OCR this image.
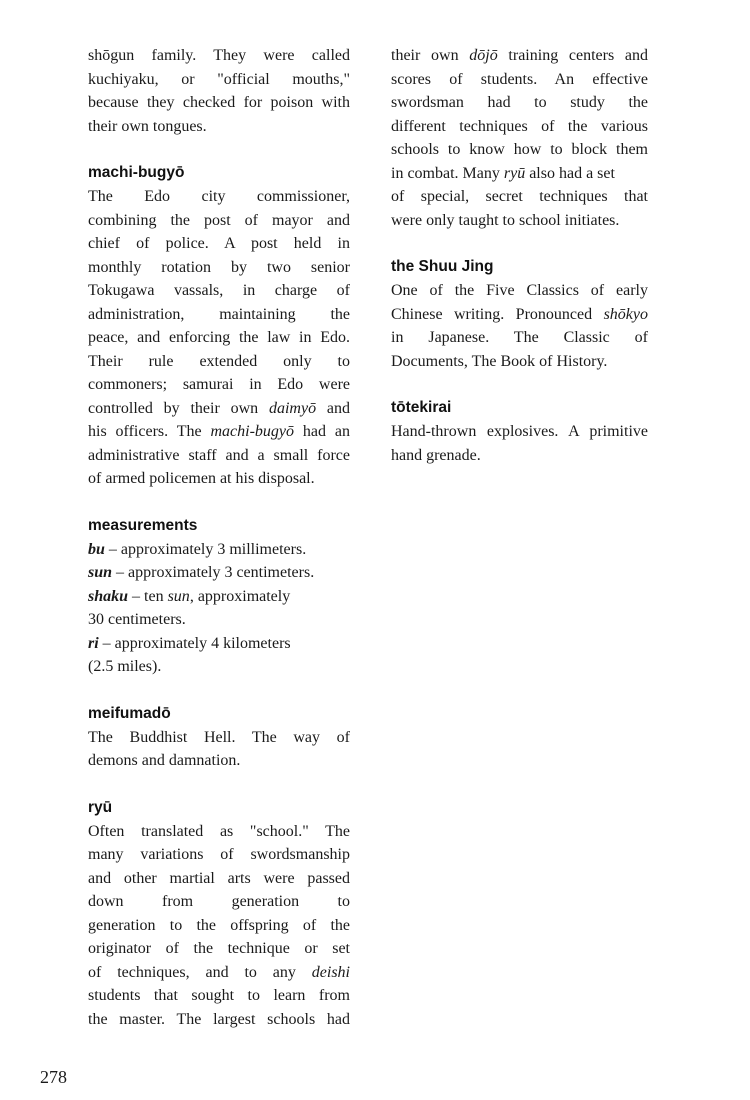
shōgun family. They were called
kuchiyaku, or "official mouths,"
because they checked for poison with
their own tongues.
machi-bugyō
The Edo city commissioner,
combining the post of mayor and
chief of police. A post held in
monthly rotation by two senior
Tokugawa vassals, in charge of
administration, maintaining the
peace, and enforcing the law in Edo.
Their rule extended only to
commoners; samurai in Edo were
controlled by their own daimyō and
his officers. The machi-bugyō had an
administrative staff and a small force
of armed policemen at his disposal.
measurements
bu – approximately 3 millimeters.
sun – approximately 3 centimeters.
shaku – ten sun, approximately
30 centimeters.
ri – approximately 4 kilometers
(2.5 miles).
meifumadō
The Buddhist Hell. The way of
demons and damnation.
ryū
Often translated as "school." The
many variations of swordsmanship
and other martial arts were passed
down from generation to
generation to the offspring of the
originator of the technique or set
of techniques, and to any deishi
students that sought to learn from
the master. The largest schools had
their own dōjō training centers and
scores of students. An effective
swordsman had to study the
different techniques of the various
schools to know how to block them
in combat. Many ryū also had a set
of special, secret techniques that
were only taught to school initiates.
the Shuu Jing
One of the Five Classics of early
Chinese writing. Pronounced shōkyo
in Japanese. The Classic of
Documents, The Book of History.
tōtekirai
Hand-thrown explosives. A primitive
hand grenade.
278
